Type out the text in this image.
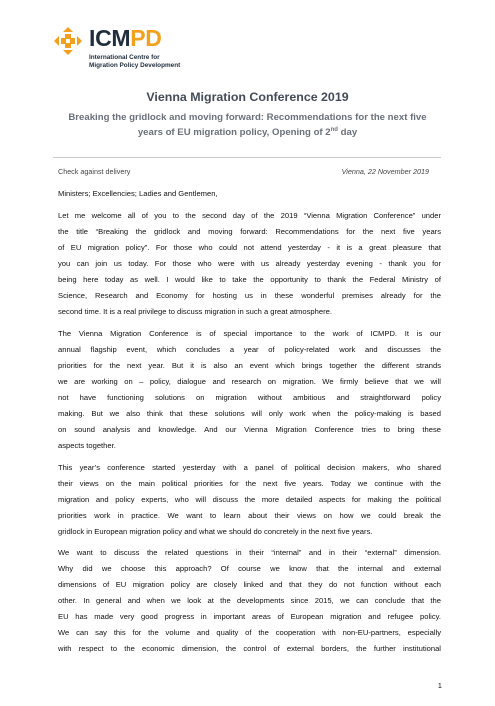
ICMPD
International Centre for
Migration Policy Development
Vienna Migration Conference 2019
Breaking the gridlock and moving forward: Recommendations for the next five
years of EU migration policy, Opening of 2nd day
Check against delivery	Vienna, 22 November 2019
Ministers; Excellencies; Ladies and Gentlemen,
Let me welcome all of you to the second day of the 2019 “Vienna Migration Conference” under
the title “Breaking the gridlock and moving forward: Recommendations for the next five years
of EU migration policy”. For those who could not attend yesterday - it is a great pleasure that
you can join us today. For those who were with us already yesterday evening - thank you for
being here today as well. I would like to take the opportunity to thank the Federal Ministry of
Science, Research and Economy for hosting us in these wonderful premises already for the
second time. It is a real privilege to discuss migration in such a great atmosphere.
The Vienna Migration Conference is of special importance to the work of ICMPD. It is our
annual flagship event, which concludes a year of policy-related work and discusses the
priorities for the next year. But it is also an event which brings together the different strands
we are working on – policy, dialogue and research on migration. We firmly believe that we will
not have functioning solutions on migration without ambitious and straightforward policy
making. But we also think that these solutions will only work when the policy-making is based
on sound analysis and knowledge. And our Vienna Migration Conference tries to bring these
aspects together.
This year’s conference started yesterday with a panel of political decision makers, who shared
their views on the main political priorities for the next five years. Today we continue with the
migration and policy experts, who will discuss the more detailed aspects for making the political
priorities work in practice. We want to learn about their views on how we could break the
gridlock in European migration policy and what we should do concretely in the next five years.
We want to discuss the related questions in their “internal” and in their “external” dimension.
Why did we choose this approach? Of course we know that the internal and external
dimensions of EU migration policy are closely linked and that they do not function without each
other. In general and when we look at the developments since 2015, we can conclude that the
EU has made very good progress in important areas of European migration and refugee policy.
We can say this for the volume and quality of the cooperation with non-EU-partners, especially
with respect to the economic dimension, the control of external borders, the further institutional
1
